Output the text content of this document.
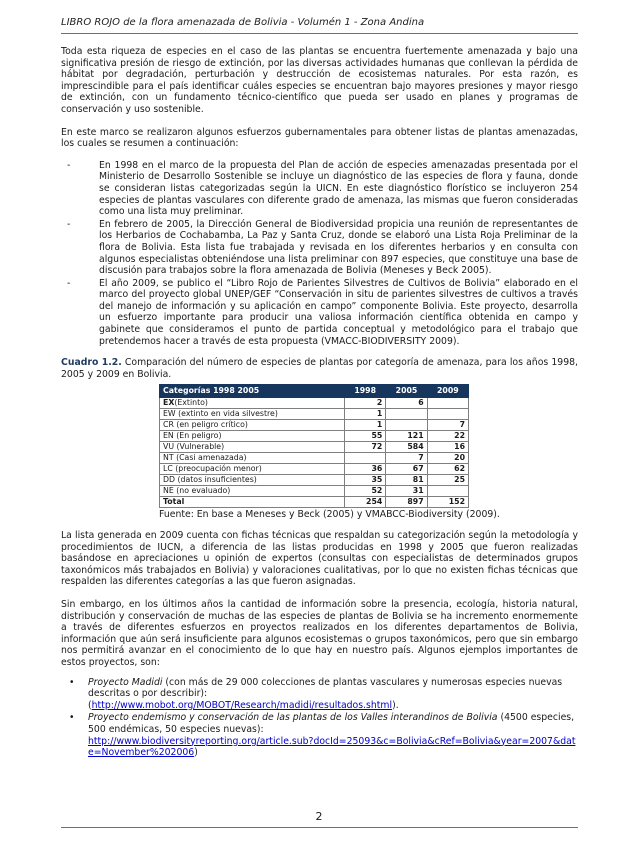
LIBRO ROJO de la flora amenazada de Bolivia - Volumén 1 - Zona Andina

Toda esta riqueza de especies en el caso de las plantas se encuentra fuertemente amenazada y bajo una significativa presión de riesgo de extinción, por las diversas actividades humanas que conllevan la pérdida de hábitat por degradación, perturbación y destrucción de ecosistemas naturales. Por esta razón, es imprescindible para el país identificar cuáles especies se encuentran bajo mayores presiones y mayor riesgo de extinción, con un fundamento técnico-científico que pueda ser usado en planes y programas de conservación y uso sostenible.

En este marco se realizaron algunos esfuerzos gubernamentales para obtener listas de plantas amenazadas, los cuales se resumen a continuación:

-	En 1998 en el marco de la propuesta del Plan de acción de especies amenazadas presentada por el Ministerio de Desarrollo Sostenible se incluye un diagnóstico de las especies de flora y fauna, donde se consideran listas categorizadas según la UICN. En este diagnóstico florístico se incluyeron 254 especies de plantas vasculares con diferente grado de amenaza, las mismas que fueron consideradas como una lista muy preliminar.
-	En febrero de 2005, la Dirección General de Biodiversidad propicia una reunión de representantes de los Herbarios de Cochabamba, La Paz y Santa Cruz, donde se elaboró una Lista Roja Preliminar de la flora de Bolivia. Esta lista fue trabajada y revisada en los diferentes herbarios y en consulta con algunos especialistas obteniéndose una lista preliminar con 897 especies, que constituye una base de discusión para trabajos sobre la flora amenazada de Bolivia (Meneses y Beck 2005).
-	El año 2009, se publico el “Libro Rojo de Parientes Silvestres de Cultivos de Bolivia” elaborado en el marco del proyecto global UNEP/GEF “Conservación in situ de parientes silvestres de cultivos a través del manejo de información y su aplicación en campo” componente Bolivia. Este proyecto, desarrolla un esfuerzo importante para producir una valiosa información científica obtenida en campo y gabinete que consideramos el punto de partida conceptual y metodológico para el trabajo que pretendemos hacer a través de esta propuesta (VMACC-BIODIVERSITY 2009).
Cuadro 1.2. Comparación del número de especies de plantas por categoría de amenaza, para los años 1998, 2005 y 2009 en Bolivia.
Categorías 1998 2005	1998	2005	2009
EX(Extinto)	2	6	
EW (extinto en vida silvestre)	1		
CR (en peligro crítico)	1		7
EN (En peligro)	55	121	22
VU (Vulnerable)	72	584	16
NT (Casi amenazada)		7	20
LC (preocupación menor)	36	67	62
DD (datos insuficientes)	35	81	25
NE (no evaluado)	52	31	
Total	254	897	152
Fuente: En base a Meneses y Beck (2005) y VMABCC-Biodiversity (2009).

La lista generada en 2009 cuenta con fichas técnicas que respaldan su categorización según la metodología y procedimientos de IUCN, a diferencia de las listas producidas en 1998 y 2005 que fueron realizadas basándose en apreciaciones u opinión de expertos (consultas con especialistas de determinados grupos taxonómicos más trabajados en Bolivia) y valoraciones cualitativas, por lo que no existen fichas técnicas que respalden las diferentes categorías a las que fueron asignadas.

Sin embargo, en los últimos años la cantidad de información sobre la presencia, ecología, historia natural, distribución y conservación de muchas de las especies de plantas de Bolivia se ha incremento enormemente a través de diferentes esfuerzos en proyectos realizados en los diferentes departamentos de Bolivia, información que aún será insuficiente para algunos ecosistemas o grupos taxonómicos, pero que sin embargo nos permitirá avanzar en el conocimiento de lo que hay en nuestro país. Algunos ejemplos importantes de estos proyectos, son:

• Proyecto Madidi (con más de 29 000 colecciones de plantas vasculares y numerosas especies nuevas descritas o por describir):
(http://www.mobot.org/MOBOT/Research/madidi/resultados.shtml).
• Proyecto endemismo y conservación de las plantas de los Valles interandinos de Bolivia (4500 especies, 500 endémicas, 50 especies nuevas):
http://www.biodiversityreporting.org/article.sub?docId=25093&c=Bolivia&cRef=Bolivia&year=2007&date=November%202006)
2
